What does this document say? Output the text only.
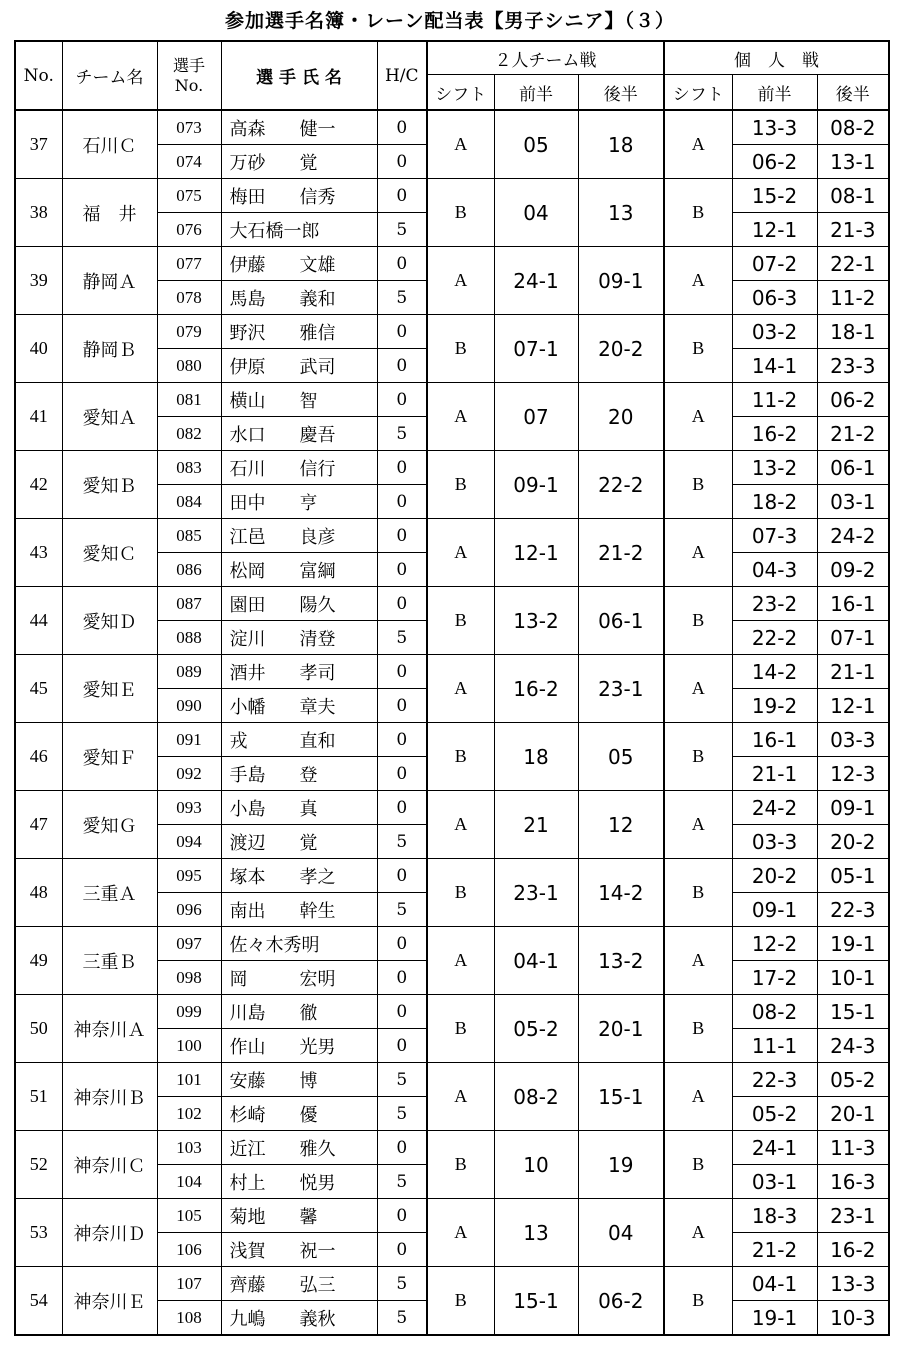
参加選手名簿・レーン配当表【男子シニア】（３）
No.	チーム名	選手
No.	選 手 氏 名	H/C	２人チーム戦			個　人　戦		
					シフト	前半	後半	シフト	前半	後半
37	石川Ｃ	073	高森 健一	0	A	05	18	A	13-3	08-2
		074	万砂 覚	0					06-2	13-1
38	福　井	075	梅田 信秀	0	B	04	13	B	15-2	08-1
		076	大石橋一郎	5					12-1	21-3
39	静岡Ａ	077	伊藤 文雄	0	A	24-1	09-1	A	07-2	22-1
		078	馬島 義和	5					06-3	11-2
40	静岡Ｂ	079	野沢 雅信	0	B	07-1	20-2	B	03-2	18-1
		080	伊原 武司	0					14-1	23-3
41	愛知Ａ	081	横山 智	0	A	07	20	A	11-2	06-2
		082	水口 慶吾	5					16-2	21-2
42	愛知Ｂ	083	石川 信行	0	B	09-1	22-2	B	13-2	06-1
		084	田中 亨	0					18-2	03-1
43	愛知Ｃ	085	江邑 良彦	0	A	12-1	21-2	A	07-3	24-2
		086	松岡 富綱	0					04-3	09-2
44	愛知Ｄ	087	園田 陽久	0	B	13-2	06-1	B	23-2	16-1
		088	淀川 清登	5					22-2	07-1
45	愛知Ｅ	089	酒井 孝司	0	A	16-2	23-1	A	14-2	21-1
		090	小幡 章夫	0					19-2	12-1
46	愛知Ｆ	091	戎 直和	0	B	18	05	B	16-1	03-3
		092	手島 登	0					21-1	12-3
47	愛知Ｇ	093	小島 真	0	A	21	12	A	24-2	09-1
		094	渡辺 覚	5					03-3	20-2
48	三重Ａ	095	塚本 孝之	0	B	23-1	14-2	B	20-2	05-1
		096	南出 幹生	5					09-1	22-3
49	三重Ｂ	097	佐々木秀明	0	A	04-1	13-2	A	12-2	19-1
		098	岡 宏明	0					17-2	10-1
50	神奈川Ａ	099	川島 徹	0	B	05-2	20-1	B	08-2	15-1
		100	作山 光男	0					11-1	24-3
51	神奈川Ｂ	101	安藤 博	5	A	08-2	15-1	A	22-3	05-2
		102	杉崎 優	5					05-2	20-1
52	神奈川Ｃ	103	近江 雅久	0	B	10	19	B	24-1	11-3
		104	村上 悦男	5					03-1	16-3
53	神奈川Ｄ	105	菊地 馨	0	A	13	04	A	18-3	23-1
		106	浅賀 祝一	0					21-2	16-2
54	神奈川Ｅ	107	齊藤 弘三	5	B	15-1	06-2	B	04-1	13-3
		108	九嶋 義秋	5					19-1	10-3
